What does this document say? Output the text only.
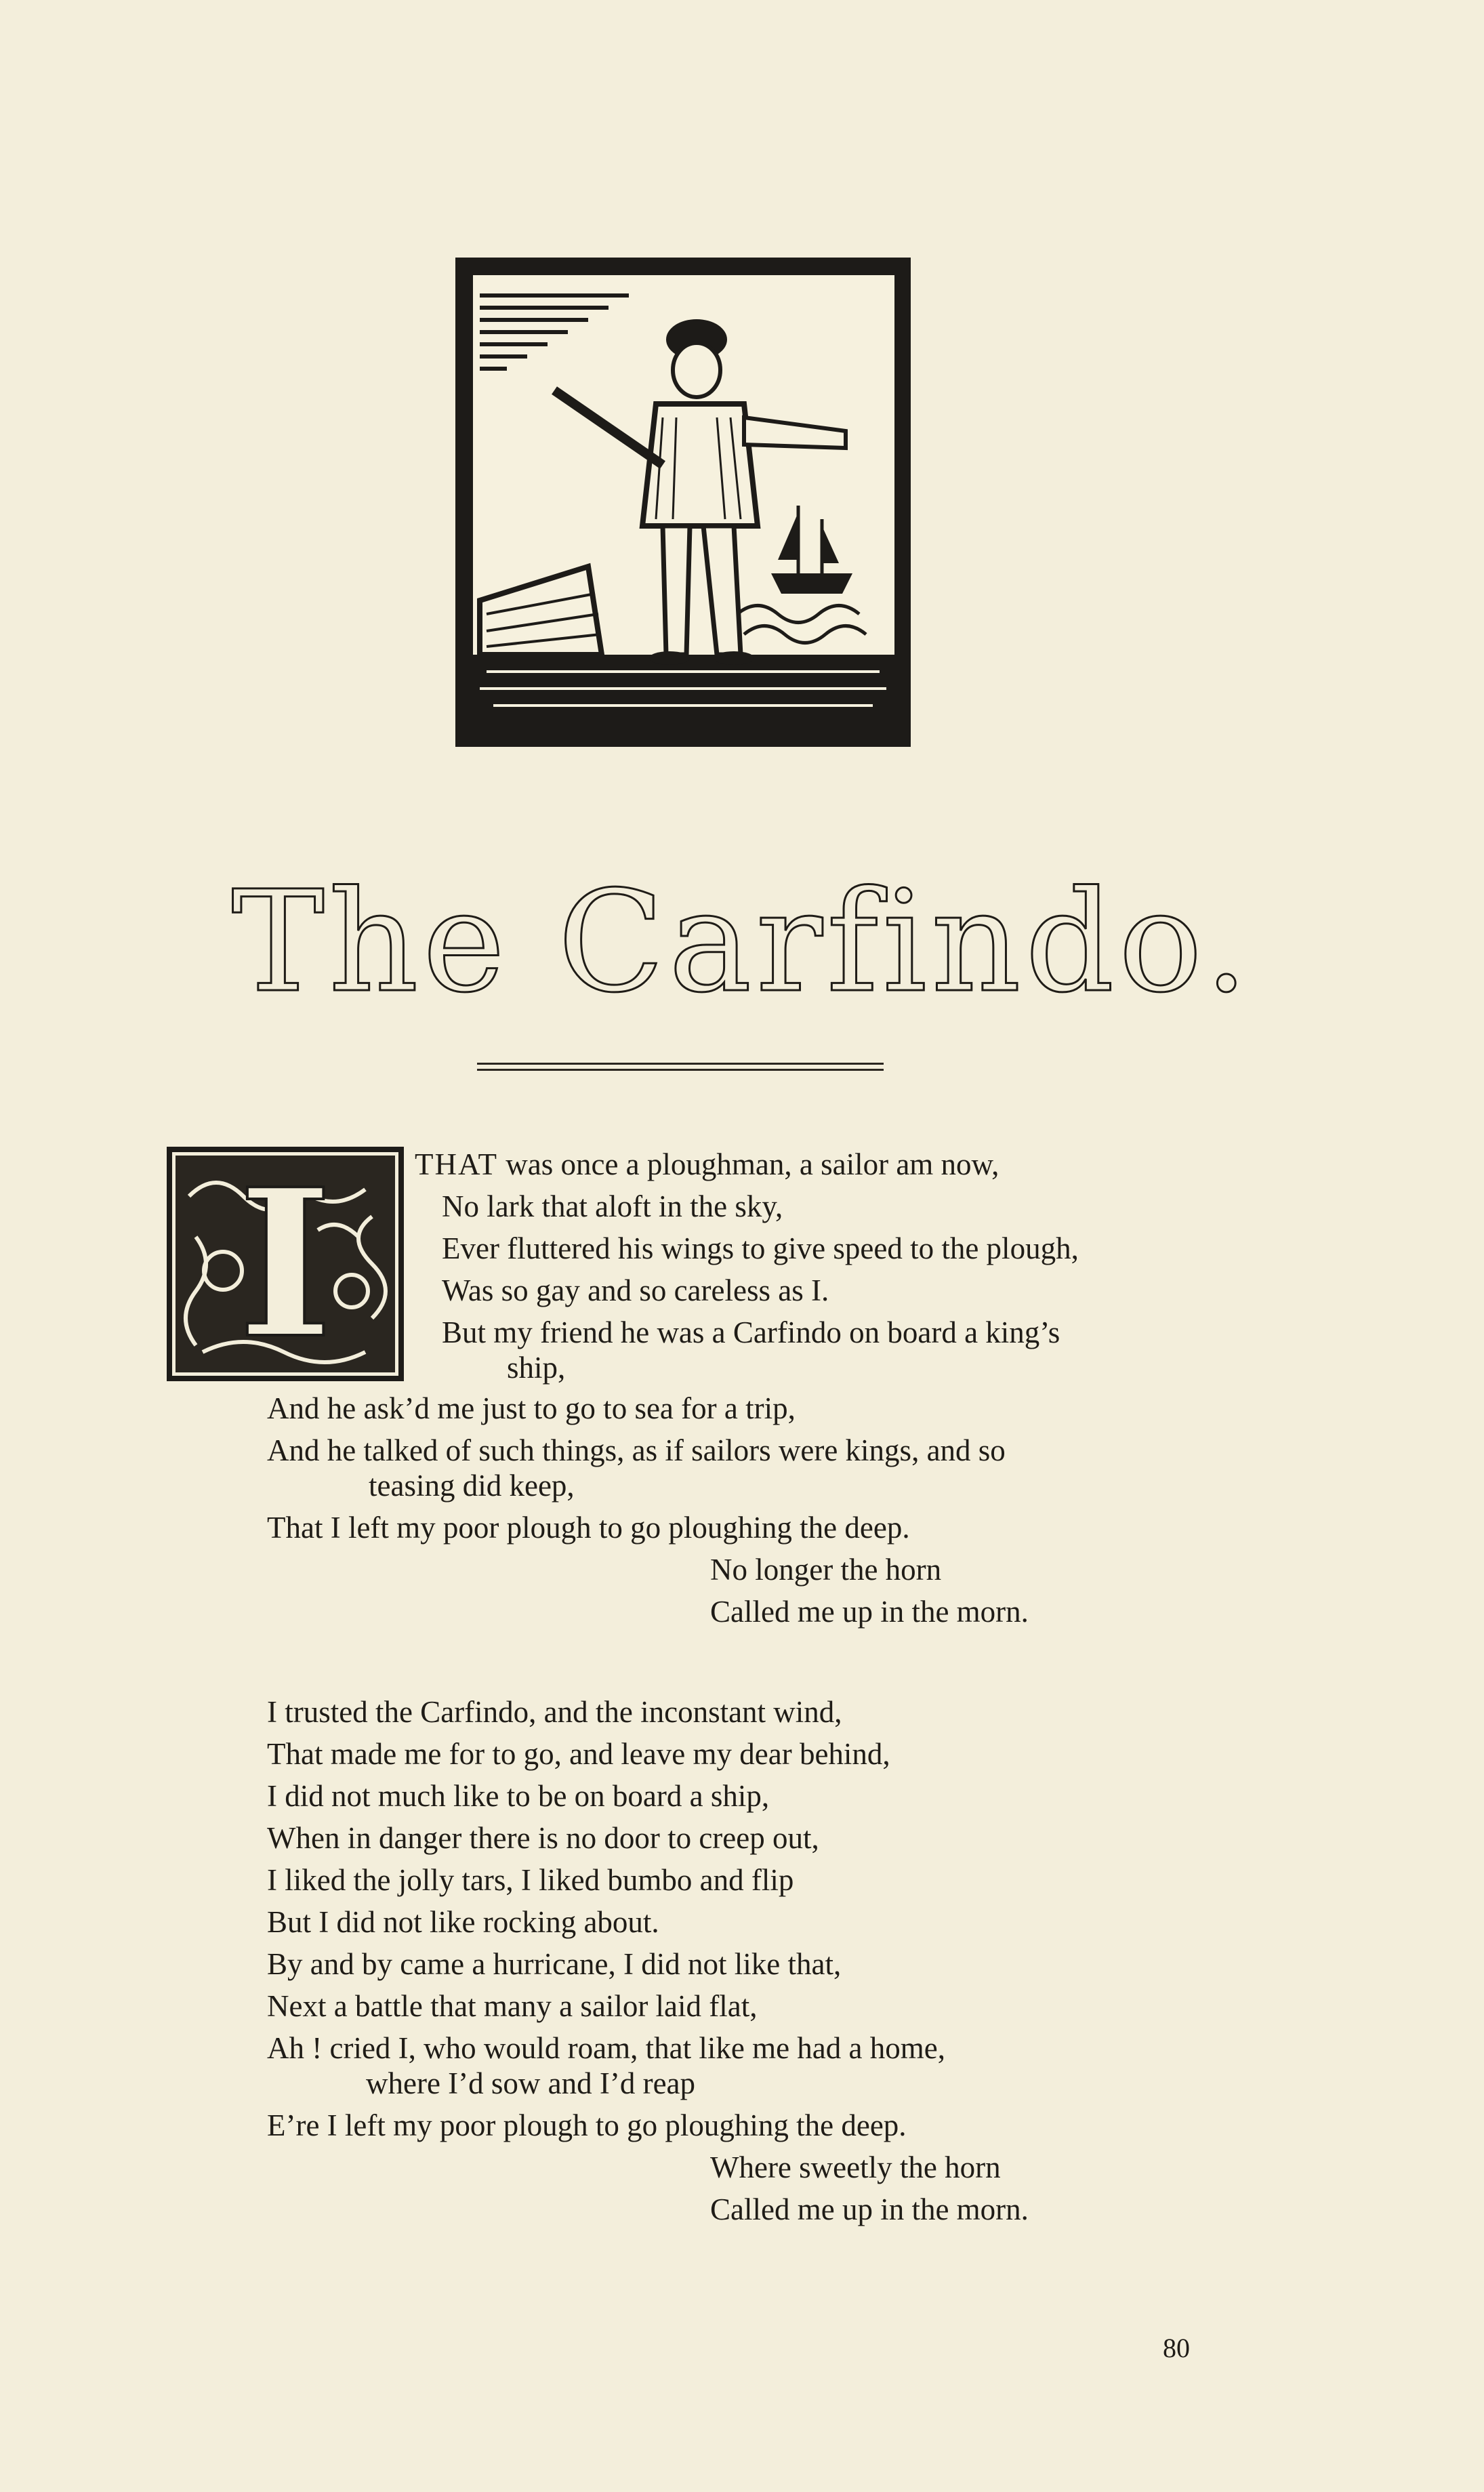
The Carfindo.
I	THAT was once a ploughman, a sailor am now,
No lark that aloft in the sky,
Ever fluttered his wings to give speed to the plough,
Was so gay and so careless as I.
But my friend he was a Carfindo on board a king’s
ship,
And he ask’d me just to go to sea for a trip,
And he talked of such things, as if sailors were kings, and so
teasing did keep,
That I left my poor plough to go ploughing the deep.
No longer the horn
Called me up in the morn.
I trusted the Carfindo, and the inconstant wind,
That made me for to go, and leave my dear behind,
I did not much like to be on board a ship,
When in danger there is no door to creep out,
I liked the jolly tars, I liked bumbo and flip
But I did not like rocking about.
By and by came a hurricane, I did not like that,
Next a battle that many a sailor laid flat,
Ah ! cried I, who would roam, that like me had a home,
where I’d sow and I’d reap
E’re I left my poor plough to go ploughing the deep.
Where sweetly the horn
Called me up in the morn.
80
